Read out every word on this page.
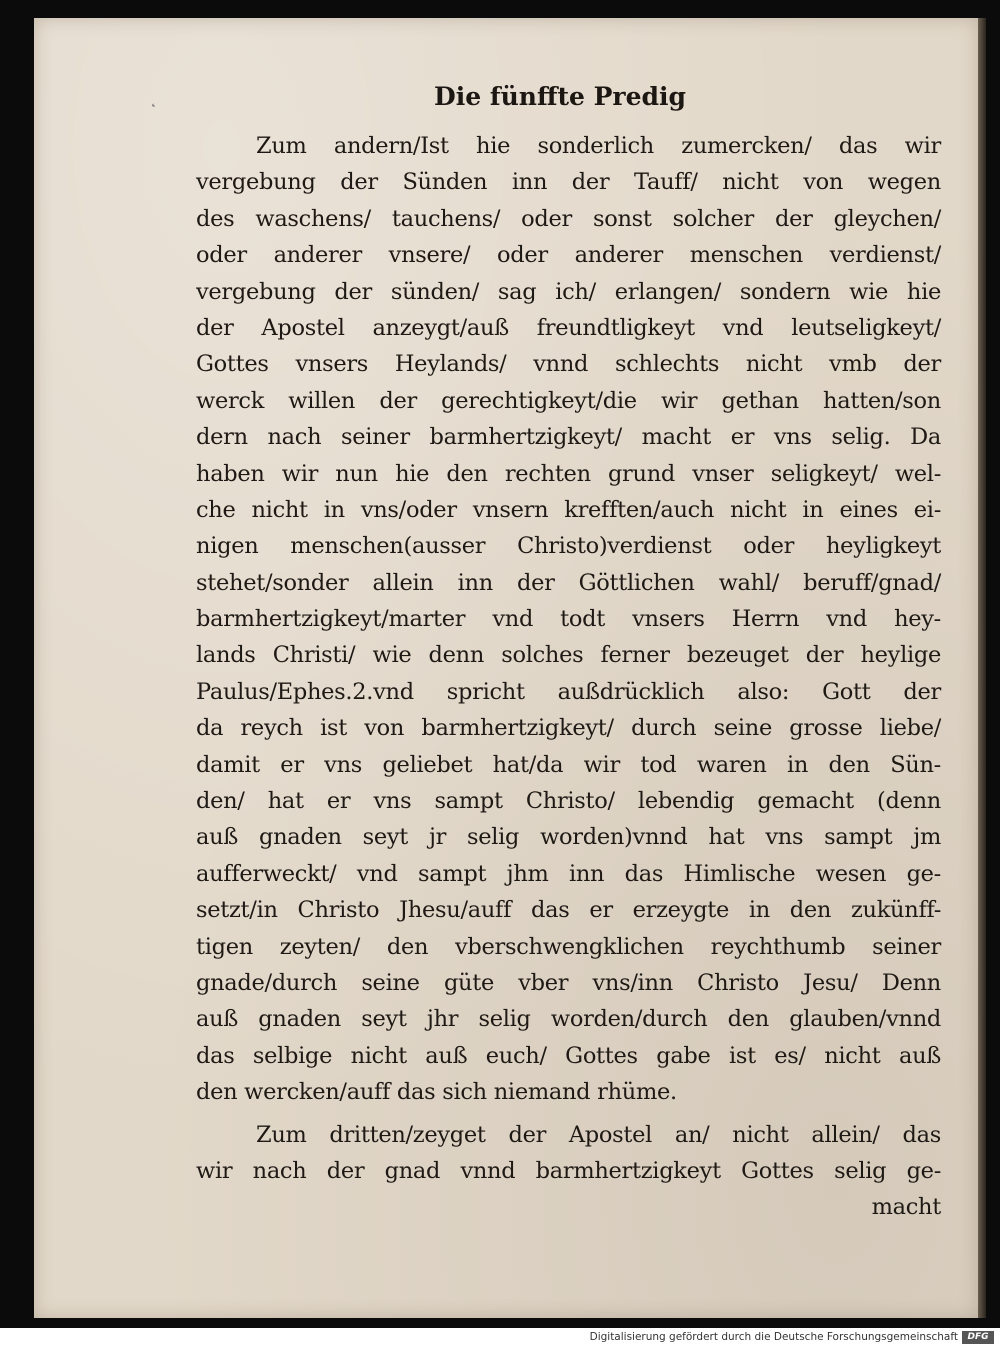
˛	Die fünffte Predig
Zum andern/Ist hie sonderlich zumercken/ das wir
vergebung der Sünden inn der Tauff/ nicht von wegen
des waschens/ tauchens/ oder sonst solcher der gleychen/
oder anderer vnsere/ oder anderer menschen verdienst/
vergebung der sünden/ sag ich/ erlangen/ sondern wie hie
der Apostel anzeygt/auß freundtligkeyt vnd leutseligkeyt/
Gottes vnsers Heylands/ vnnd schlechts nicht vmb der
werck willen der gerechtigkeyt/die wir gethan hatten/son
dern nach seiner barmhertzigkeyt/ macht er vns selig. Da
haben wir nun hie den rechten grund vnser seligkeyt/ wel-
che nicht in vns/oder vnsern krefften/auch nicht in eines ei-
nigen menschen(ausser Christo)verdienst oder heyligkeyt
stehet/sonder allein inn der Göttlichen wahl/ beruff/gnad/
barmhertzigkeyt/marter vnd todt vnsers Herrn vnd hey-
lands Christi/ wie denn solches ferner bezeuget der heylige
Paulus/Ephes.2.vnd spricht außdrücklich also: Gott der
da reych ist von barmhertzigkeyt/ durch seine grosse liebe/
damit er vns geliebet hat/da wir tod waren in den Sün-
den/ hat er vns sampt Christo/ lebendig gemacht (denn
auß gnaden seyt jr selig worden)vnnd hat vns sampt jm
aufferweckt/ vnd sampt jhm inn das Himlische wesen ge-
setzt/in Christo Jhesu/auff das er erzeygte in den zukünff-
tigen zeyten/ den vberschwengklichen reychthumb seiner
gnade/durch seine güte vber vns/inn Christo Jesu/ Denn
auß gnaden seyt jhr selig worden/durch den glauben/vnnd
das selbige nicht auß euch/ Gottes gabe ist es/ nicht auß
den wercken/auff das sich niemand rhüme.
Zum dritten/zeyget der Apostel an/ nicht allein/ das
wir nach der gnad vnnd barmhertzigkeyt Gottes selig ge-
macht
Digitalisierung gefördert durch die Deutsche Forschungsgemeinschaft	DFG
